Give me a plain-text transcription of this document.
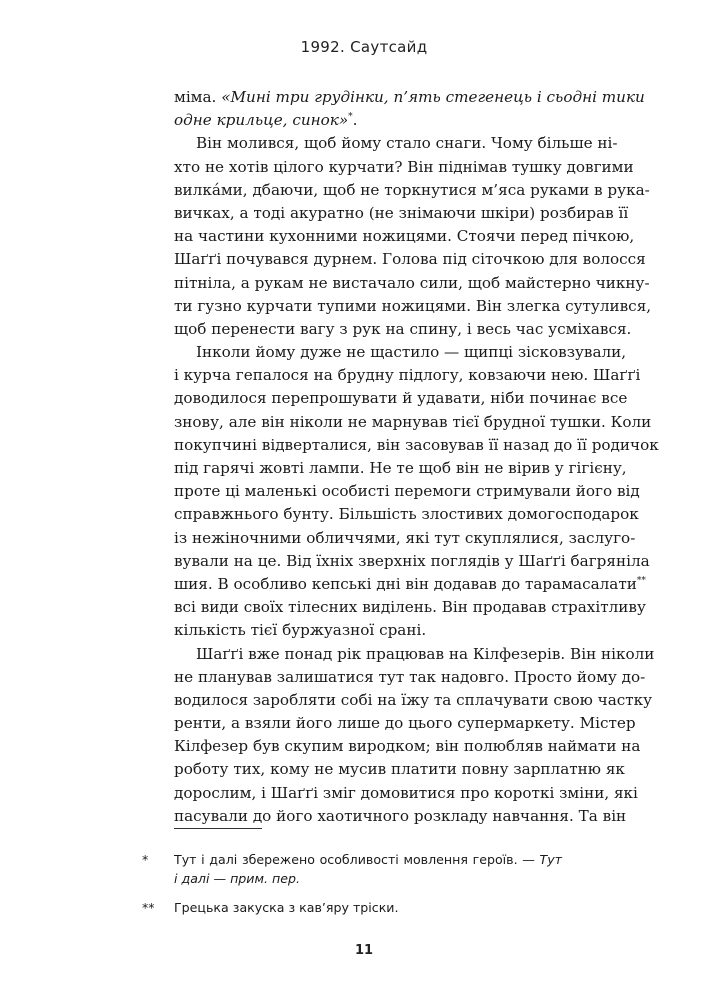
1992. Саутсайд
міма. «Мині три грудінки, п’ять стегенець і сьодні тики
одне крильце, синок»*.
Він молився, щоб йому стало снаги. Чому більше ні-
хто не хотів цілого курчати? Він піднімав тушку довгими
вилка́ми, дбаючи, щоб не торкнутися м’яса руками в рука-
вичках, а тоді акуратно (не знімаючи шкіри) розбирав її
на частини кухонними ножицями. Стоячи перед пічкою,
Шаґґі почувався дурнем. Голова під сіточкою для волосся
пітніла, а рукам не вистачало сили, щоб майстерно чикну-
ти гузно курчати тупими ножицями. Він злегка сутулився,
щоб перенести вагу з рук на спину, і весь час усміхався.
Інколи йому дуже не щастило — щипці зісковзували,
і курча гепалося на брудну підлогу, ковзаючи нею. Шаґґі
доводилося перепрошувати й удавати, ніби починає все
знову, але він ніколи не марнував тієї брудної тушки. Коли
покупчині відверталися, він засовував її назад до її родичок
під гарячі жовті лампи. Не те щоб він не вірив у гігієну,
проте ці маленькі особисті перемоги стримували його від
справжнього бунту. Більшість злостивих домогосподарок
із нежіночними обличчями, які тут скуплялися, заслуго-
вували на це. Від їхніх зверхніх поглядів у Шаґґі багряніла
шия. В особливо кепські дні він додавав до тарамасалати**
всі види своїх тілесних виділень. Він продавав страхітливу
кількість тієї буржуазної срані.
Шаґґі вже понад рік працював на Кілфезерів. Він ніколи
не планував залишатися тут так надовго. Просто йому до-
водилося заробляти собі на їжу та сплачувати свою частку
ренти, а взяли його лише до цього супермаркету. Містер
Кілфезер був скупим виродком; він полюбляв наймати на
роботу тих, кому не мусив платити повну зарплатню як
дорослим, і Шаґґі зміг домовитися про короткі зміни, які
пасували до його хаотичного розкладу навчання. Та він
* Тут і далі збережено особливості мовлення героїв. — Тут
і далі — прим. пер.
** Грецька закуска з кав’яру тріски.
11
